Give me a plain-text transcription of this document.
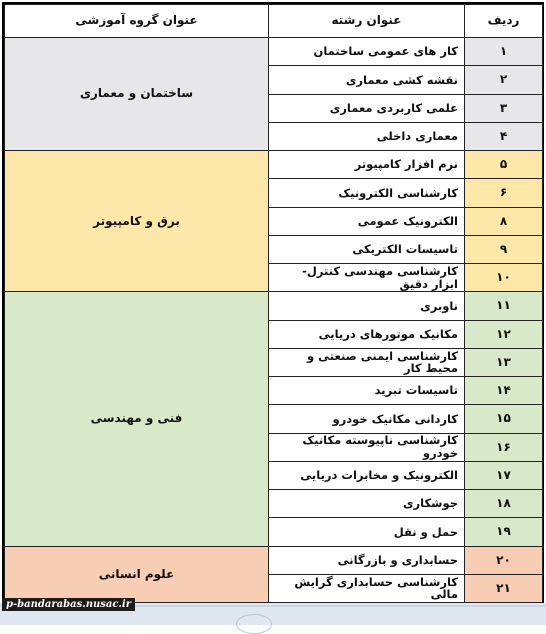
ردیف	عنوان رشته	عنوان گروه آموزشی
۱	کار های عمومی ساختمان	ساختمان و معماری
۲	نقشه کشی معماری	
۳	علمی کاربردی معماری	
۴	معماری داخلی	
۵	نرم افزار کامپیوتر	برق و کامپیوتر
۶	کارشناسی الکترونیک	
۸	الکترونیک عمومی	
۹	تاسیسات الکتریکی	
۱۰	کارشناسی مهندسی کنترل- ابزار دقیق	
۱۱	ناوبری	فنی و مهندسی
۱۲	مکانیک موتورهای دریایی	
۱۳	کارشناسی ایمنی صنعتی و محیط کار	
۱۴	تاسیسات تبرید	
۱۵	کاردانی مکانیک خودرو	
۱۶	کارشناسی ناپیوسته مکانیک خودرو	
۱۷	الکترونیک و مخابرات دریایی	
۱۸	جوشکاری	
۱۹	حمل و نقل	
۲۰	حسابداری و بازرگانی	علوم انسانی
۲۱	کارشناسی حسابداری گرایش مالی	
p-bandarabas.nusac.ir
